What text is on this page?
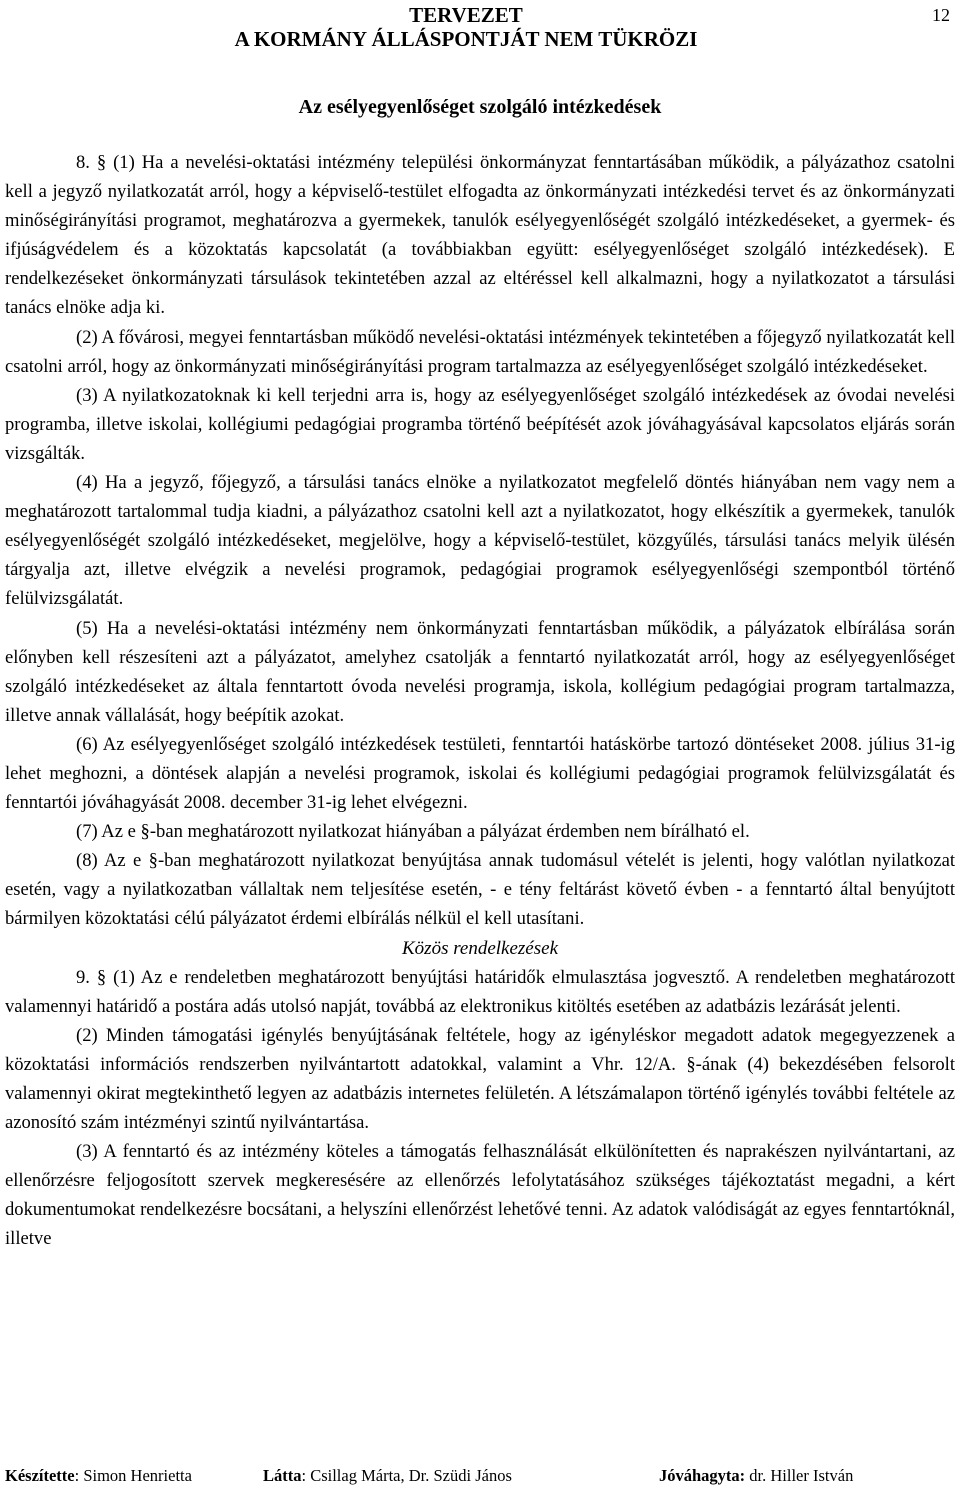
TERVEZET
A KORMÁNY ÁLLÁSPONTJÁT NEM TÜKRÖZI
12
Az esélyegyenlőséget szolgáló intézkedések

8. § (1) Ha a nevelési-oktatási intézmény települési önkormányzat fenntartásában működik, a pályázathoz csatolni kell a jegyző nyilatkozatát arról, hogy a képviselő-testület elfogadta az önkormányzati intézkedési tervet és az önkormányzati minőségirányítási programot, meghatározva a gyermekek, tanulók esélyegyenlőségét szolgáló intézkedéseket, a gyermek- és ifjúságvédelem és a közoktatás kapcsolatát (a továbbiakban együtt: esélyegyenlőséget szolgáló intézkedések). E rendelkezéseket önkormányzati társulások tekintetében azzal az eltéréssel kell alkalmazni, hogy a nyilatkozatot a társulási tanács elnöke adja ki.

(2) A fővárosi, megyei fenntartásban működő nevelési-oktatási intézmények tekintetében a főjegyző nyilatkozatát kell csatolni arról, hogy az önkormányzati minőségirányítási program tartalmazza az esélyegyenlőséget szolgáló intézkedéseket.

(3) A nyilatkozatoknak ki kell terjedni arra is, hogy az esélyegyenlőséget szolgáló intézkedések az óvodai nevelési programba, illetve iskolai, kollégiumi pedagógiai programba történő beépítését azok jóváhagyásával kapcsolatos eljárás során vizsgálták.

(4) Ha a jegyző, főjegyző, a társulási tanács elnöke a nyilatkozatot megfelelő döntés hiányában nem vagy nem a meghatározott tartalommal tudja kiadni, a pályázathoz csatolni kell azt a nyilatkozatot, hogy elkészítik a gyermekek, tanulók esélyegyenlőségét szolgáló intézkedéseket, megjelölve, hogy a képviselő-testület, közgyűlés, társulási tanács melyik ülésén tárgyalja azt, illetve elvégzik a nevelési programok, pedagógiai programok esélyegyenlőségi szempontból történő felülvizsgálatát.

(5) Ha a nevelési-oktatási intézmény nem önkormányzati fenntartásban működik, a pályázatok elbírálása során előnyben kell részesíteni azt a pályázatot, amelyhez csatolják a fenntartó nyilatkozatát arról, hogy az esélyegyenlőséget szolgáló intézkedéseket az általa fenntartott óvoda nevelési programja, iskola, kollégium pedagógiai program tartalmazza, illetve annak vállalását, hogy beépítik azokat.

(6) Az esélyegyenlőséget szolgáló intézkedések testületi, fenntartói hatáskörbe tartozó döntéseket 2008. július 31-ig lehet meghozni, a döntések alapján a nevelési programok, iskolai és kollégiumi pedagógiai programok felülvizsgálatát és fenntartói jóváhagyását 2008. december 31-ig lehet elvégezni.

(7) Az e §-ban meghatározott nyilatkozat hiányában a pályázat érdemben nem bírálható el.

(8) Az e §-ban meghatározott nyilatkozat benyújtása annak tudomásul vételét is jelenti, hogy valótlan nyilatkozat esetén, vagy a nyilatkozatban vállaltak nem teljesítése esetén, - e tény feltárást követő évben - a fenntartó által benyújtott bármilyen közoktatási célú pályázatot érdemi elbírálás nélkül el kell utasítani.

Közös rendelkezések

9. § (1) Az e rendeletben meghatározott benyújtási határidők elmulasztása jogvesztő. A rendeletben meghatározott valamennyi határidő a postára adás utolsó napját, továbbá az elektronikus kitöltés esetében az adatbázis lezárását jelenti.

(2) Minden támogatási igénylés benyújtásának feltétele, hogy az igényléskor megadott adatok megegyezzenek a közoktatási információs rendszerben nyilvántartott adatokkal, valamint a Vhr. 12/A. §-ának (4) bekezdésében felsorolt valamennyi okirat megtekinthető legyen az adatbázis internetes felületén. A létszámalapon történő igénylés további feltétele az azonosító szám intézményi szintű nyilvántartása.

(3) A fenntartó és az intézmény köteles a támogatás felhasználását elkülönítetten és naprakészen nyilvántartani, az ellenőrzésre feljogosított szervek megkeresésére az ellenőrzés lefolytatásához szükséges tájékoztatást megadni, a kért dokumentumokat rendelkezésre bocsátani, a helyszíni ellenőrzést lehetővé tenni. Az adatok valódiságát az egyes fenntartóknál, illetve

Készítette: Simon Henrietta	Látta: Csillag Márta, Dr. Szüdi János	Jóváhagyta: dr. Hiller István
